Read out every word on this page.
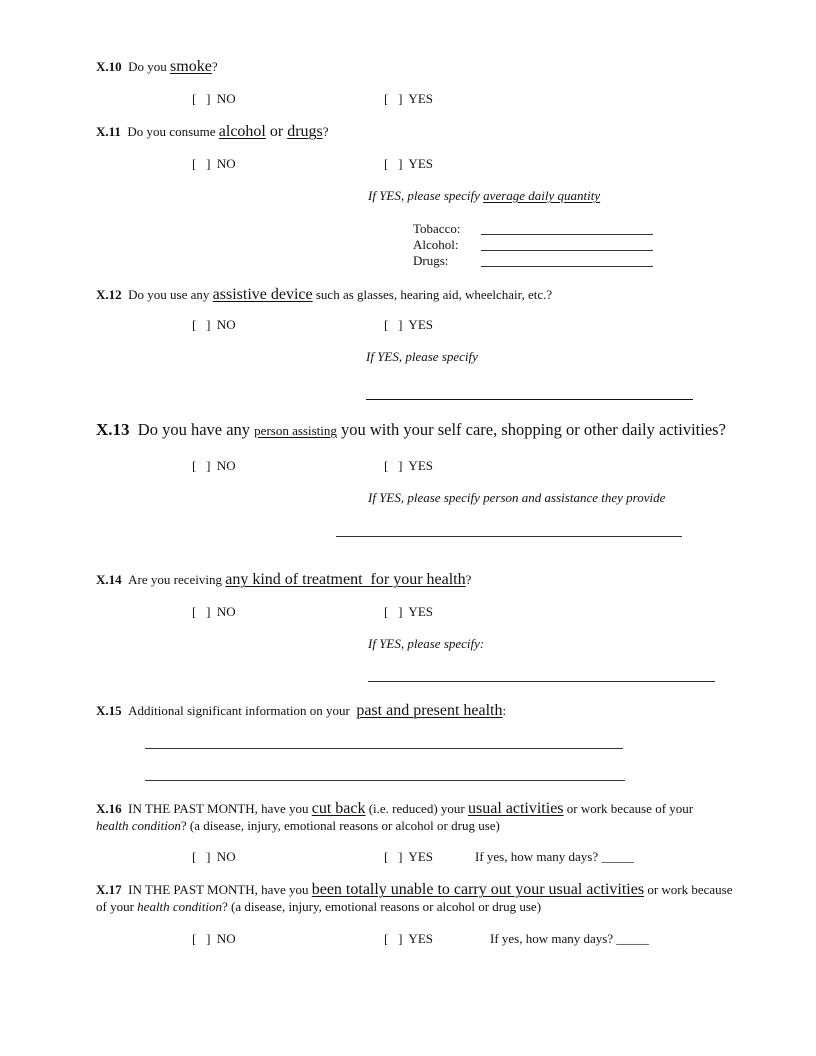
X.10 Do you smoke?
[   ]  NO	[   ]  YES
X.11 Do you consume alcohol or drugs?
[   ]  NO	[   ]  YES
If YES, please specify average daily quantity
Tobacco:
Alcohol:
Drugs:
X.12 Do you use any assistive device such as glasses, hearing aid, wheelchair, etc.?
[   ]  NO	[   ]  YES
If YES, please specify
X.13 Do you have any person assisting you with your self care, shopping or other daily activities?
[   ]  NO	[   ]  YES
If YES, please specify person and assistance they provide
X.14 Are you receiving any kind of treatment  for your health?
[   ]  NO	[   ]  YES
If YES, please specify:
X.15 Additional significant information on your  past and present health:
X.16 IN THE PAST MONTH, have you cut back (i.e. reduced) your usual activities or work because of your
health condition? (a disease, injury, emotional reasons or alcohol or drug use)
[   ]  NO	[   ]  YES	If yes, how many days? _____
X.17 IN THE PAST MONTH, have you been totally unable to carry out your usual activities or work because
of your health condition? (a disease, injury, emotional reasons or alcohol or drug use)
[   ]  NO	[   ]  YES	If yes, how many days? _____
